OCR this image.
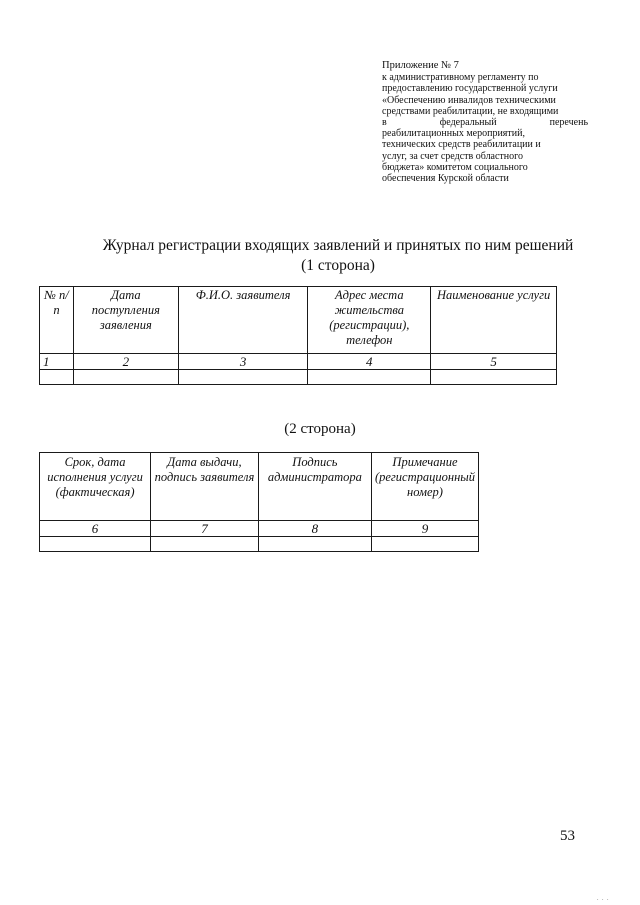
Приложение № 7
к административному регламенту по
предоставлению государственной услуги
«Обеспечению инвалидов техническими
средствами реабилитации, не входящими
в	федеральный	перечень
реабилитационных мероприятий,
технических средств реабилитации и
услуг, за счет средств областного
бюджета» комитетом социального
обеспечения Курской области
Журнал регистрации входящих заявлений и принятых по ним решений
(1 сторона)
№ п/п	Дата поступления заявления	Ф.И.О. заявителя	Адрес места жительства (регистрации), телефон	Наименование услуги
1	2	3	4	5

(2 сторона)
Срок, дата исполнения услуги (фактическая)	Дата выдачи, подпись заявителя	Подпись администратора	Примечание (регистрационный номер)
6	7	8	9

53
. . .
